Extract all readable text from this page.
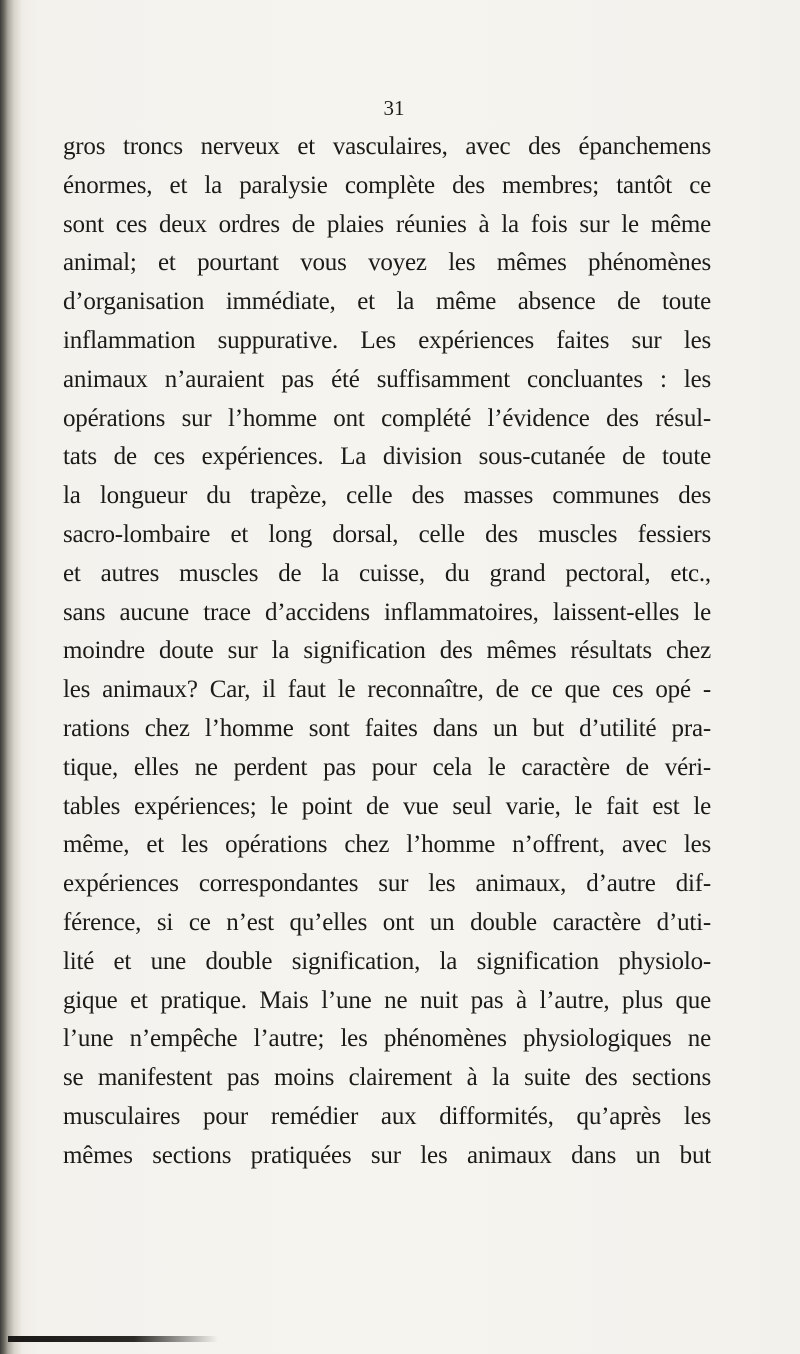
31
gros troncs nerveux et vasculaires, avec des épanchemens
énormes, et la paralysie complète des membres; tantôt ce
sont ces deux ordres de plaies réunies à la fois sur le même
animal; et pourtant vous voyez les mêmes phénomènes
d’organisation immédiate, et la même absence de toute
inflammation suppurative. Les expériences faites sur les
animaux n’auraient pas été suffisamment concluantes : les
opérations sur l’homme ont complété l’évidence des résul-
tats de ces expériences. La division sous-cutanée de toute
la longueur du trapèze, celle des masses communes des
sacro-lombaire et long dorsal, celle des muscles fessiers
et autres muscles de la cuisse, du grand pectoral, etc.,
sans aucune trace d’accidens inflammatoires, laissent-elles le
moindre doute sur la signification des mêmes résultats chez
les animaux? Car, il faut le reconnaître, de ce que ces opé -
rations chez l’homme sont faites dans un but d’utilité pra-
tique, elles ne perdent pas pour cela le caractère de véri-
tables expériences; le point de vue seul varie, le fait est le
même, et les opérations chez l’homme n’offrent, avec les
expériences correspondantes sur les animaux, d’autre dif-
férence, si ce n’est qu’elles ont un double caractère d’uti-
lité et une double signification, la signification physiolo-
gique et pratique. Mais l’une ne nuit pas à l’autre, plus que
l’une n’empêche l’autre; les phénomènes physiologiques ne
se manifestent pas moins clairement à la suite des sections
musculaires pour remédier aux difformités, qu’après les
mêmes sections pratiquées sur les animaux dans un but
